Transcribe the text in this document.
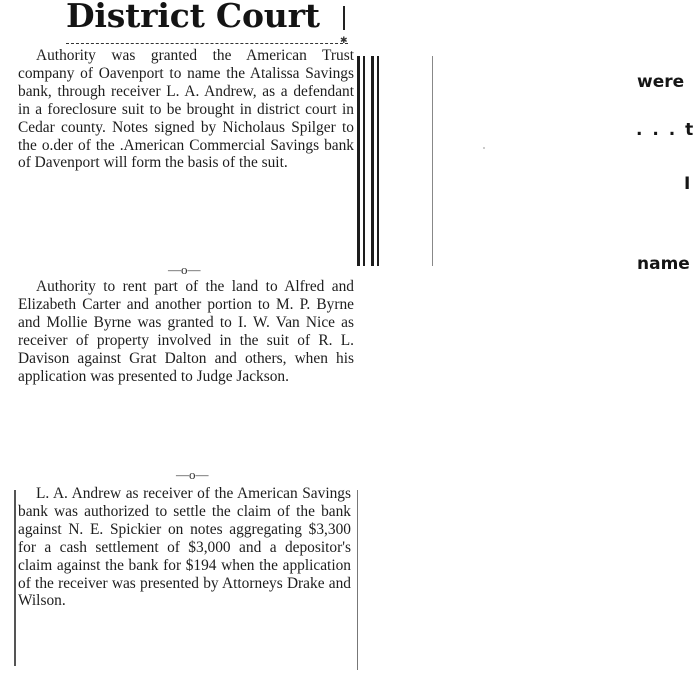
District Court
✱

Authority was granted the American Trust company of Oavenport to name the Atalissa Savings bank, through receiver L. A. Andrew, as a defendant in a foreclosure suit to be brought in district court in Cedar county. Notes signed by Nicholaus Spilger to the o.der of the .American Commercial Savings bank of Davenport will form the basis of the suit.

—o—

Authority to rent part of the land to Alfred and Elizabeth Carter and another portion to M. P. Byrne and Mollie Byrne was granted to I. W. Van Nice as receiver of property involved in the suit of R. L. Davison against Grat Dalton and others, when his application was presented to Judge Jackson.

—o—

L. A. Andrew as receiver of the American Savings bank was authorized to settle the claim of the bank against N. E. Spickier on notes aggregating $3,300 for a cash settlement of $3,000 and a depositor's claim against the bank for $194 when the application of the receiver was presented by Attorneys Drake and Wilson.

were

. . . t

I

name
